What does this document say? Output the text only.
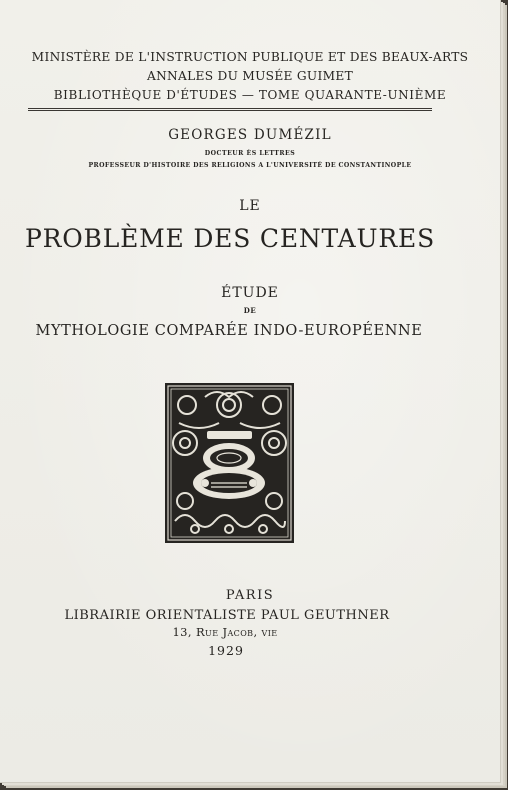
MINISTÈRE DE L'INSTRUCTION PUBLIQUE ET DES BEAUX-ARTS
ANNALES DU MUSÉE GUIMET
BIBLIOTHÈQUE D'ÉTUDES — TOME QUARANTE-UNIÈME
GEORGES DUMÉZIL
DOCTEUR ÈS LETTRES
PROFESSEUR D'HISTOIRE DES RELIGIONS A L'UNIVERSITÉ DE CONSTANTINOPLE
LE
PROBLÈME DES CENTAURES
ÉTUDE
DE
MYTHOLOGIE COMPARÉE INDO-EUROPÉENNE
PARIS
LIBRAIRIE ORIENTALISTE PAUL GEUTHNER
13, Rue Jacob, vie
1929
